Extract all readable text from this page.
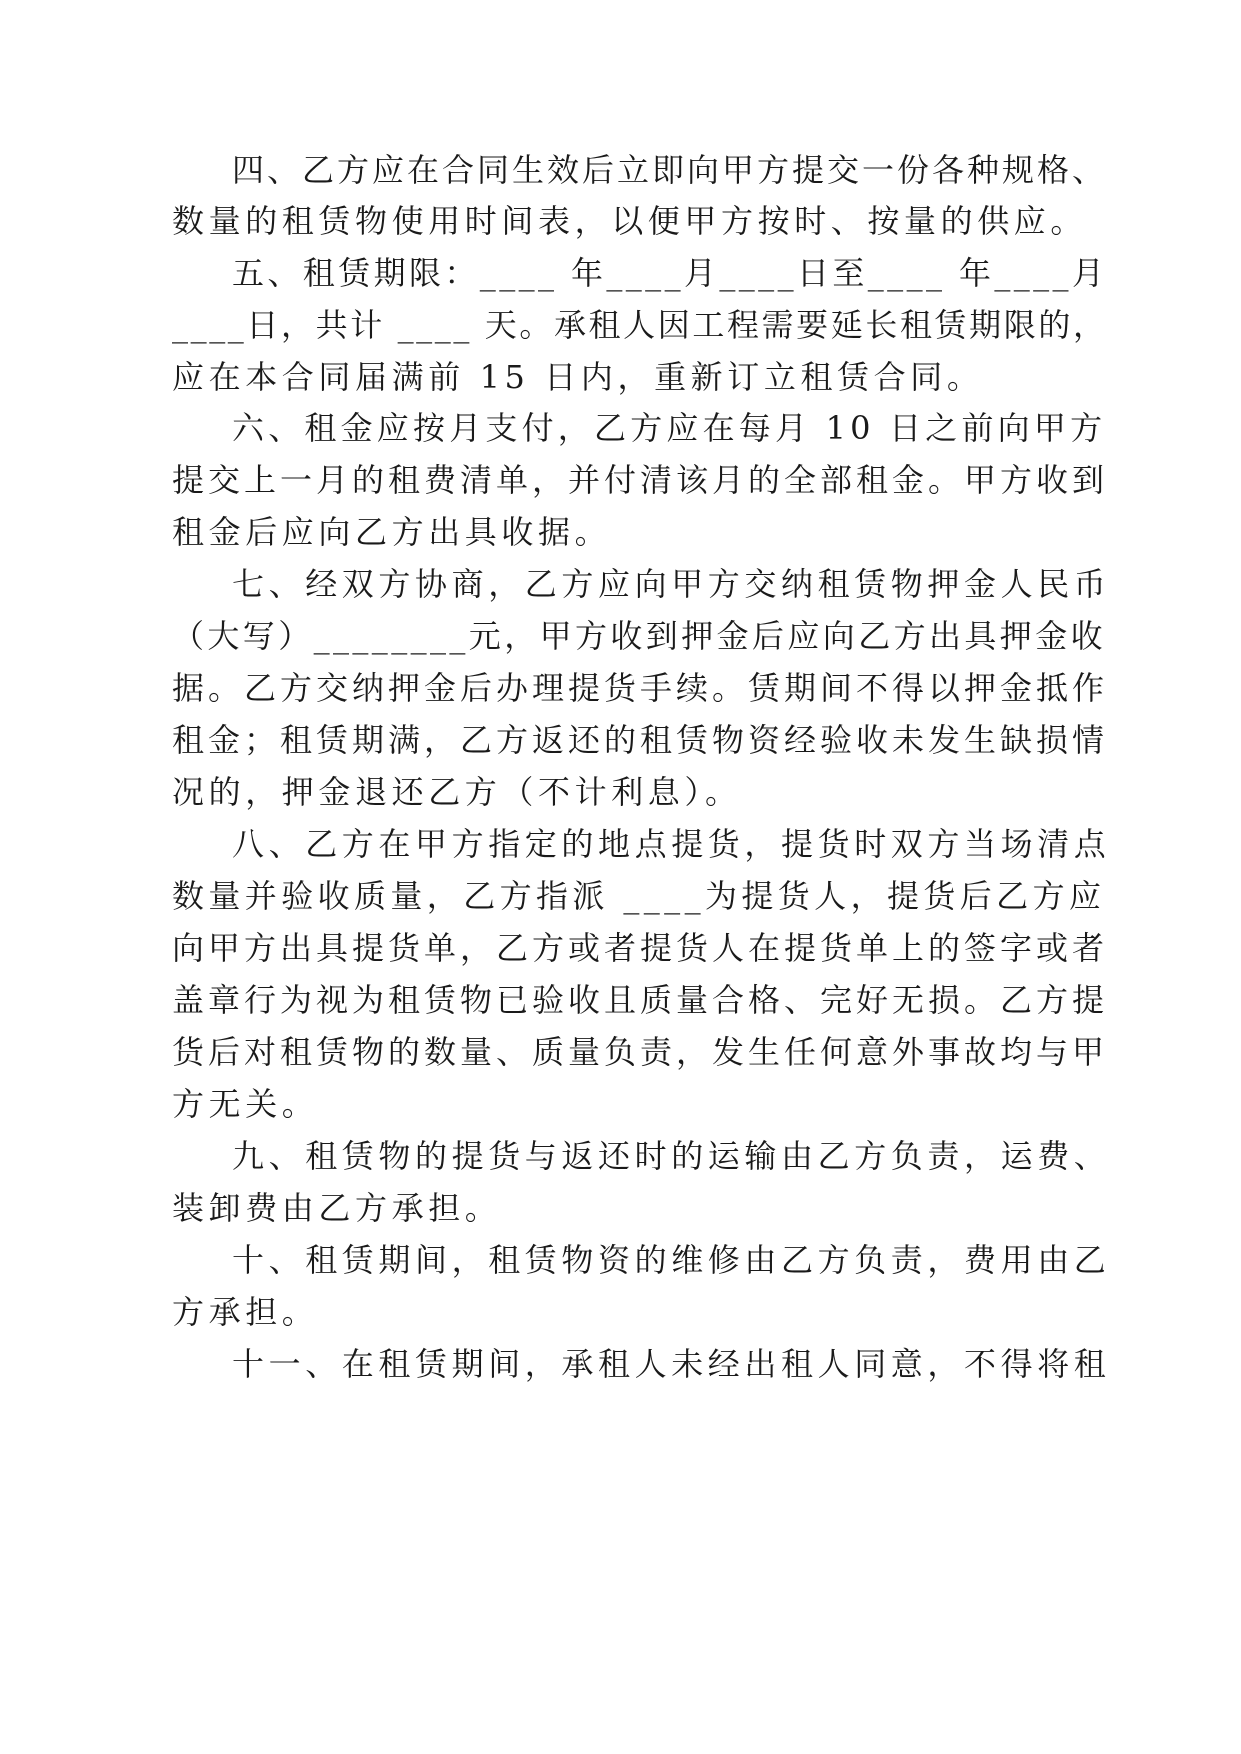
四、乙方应在合同生效后立即向甲方提交一份各种规格、
数量的租赁物使用时间表，以便甲方按时、按量的供应。
五、租赁期限：____ 年____月____日至____ 年____月
____日，共计 ____ 天。承租人因工程需要延长租赁期限的，
应在本合同届满前 15 日内，重新订立租赁合同。
六、租金应按月支付，乙方应在每月 10 日之前向甲方
提交上一月的租费清单，并付清该月的全部租金。甲方收到
租金后应向乙方出具收据。
七、经双方协商，乙方应向甲方交纳租赁物押金人民币
（大写）________元，甲方收到押金后应向乙方出具押金收
据。乙方交纳押金后办理提货手续。赁期间不得以押金抵作
租金；租赁期满，乙方返还的租赁物资经验收未发生缺损情
况的，押金退还乙方（不计利息）。
八、乙方在甲方指定的地点提货，提货时双方当场清点
数量并验收质量，乙方指派 ____为提货人，提货后乙方应
向甲方出具提货单，乙方或者提货人在提货单上的签字或者
盖章行为视为租赁物已验收且质量合格、完好无损。乙方提
货后对租赁物的数量、质量负责，发生任何意外事故均与甲
方无关。
九、租赁物的提货与返还时的运输由乙方负责，运费、
装卸费由乙方承担。
十、租赁期间，租赁物资的维修由乙方负责，费用由乙
方承担。
十一、在租赁期间，承租人未经出租人同意，不得将租
